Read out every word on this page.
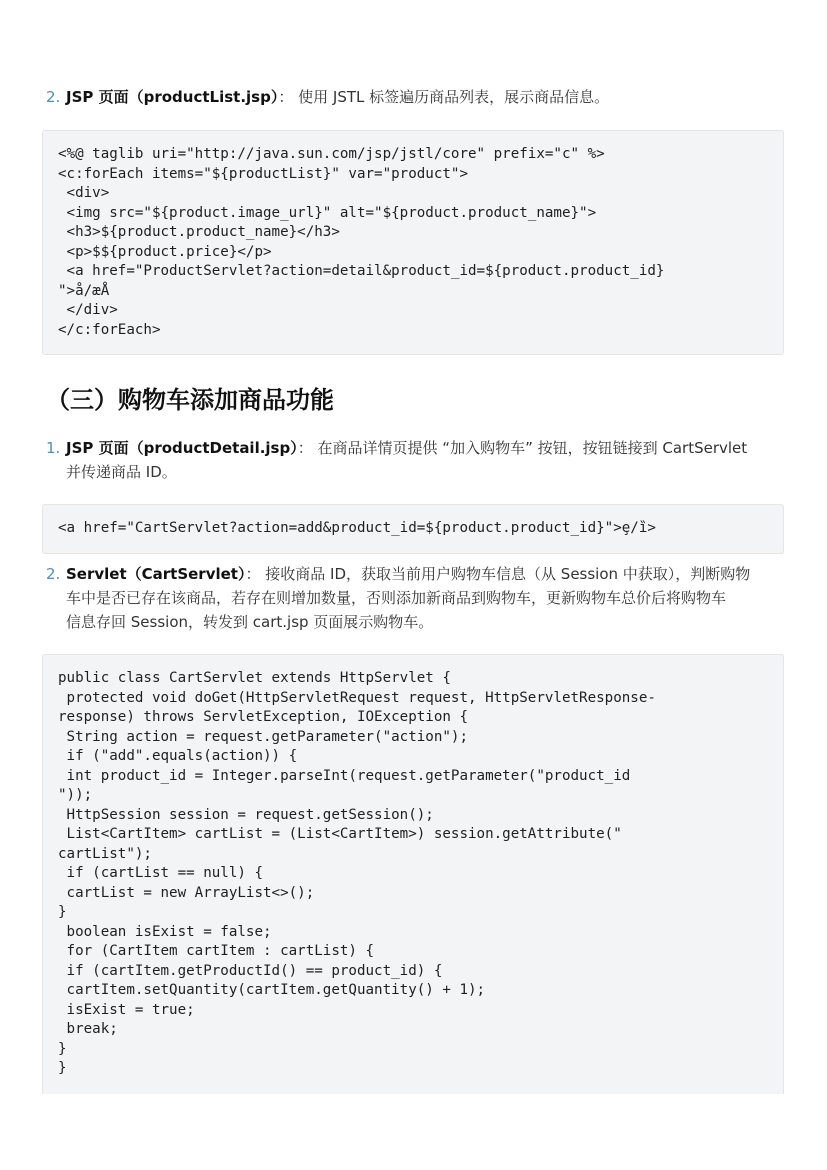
2. JSP 页面（productList.jsp）： 使用 JSTL 标签遍历商品列表，展示商品信息。
<%@ taglib uri="http://java.sun.com/jsp/jstl/core" prefix="c" %>
<c:forEach items="${productList}" var="product">
<div>
<img src="${product.image_url}" alt="${product.product_name}">
<h3>${product.product_name}</h3>
<p>$${product.price}</p>
<a href="ProductServlet?action=detail&product_id=${product.product_id}
">å/æÅ
</div>
</c:forEach>
（三）购物车添加商品功能
1. JSP 页面（productDetail.jsp）： 在商品详情页提供 “加入购物车” 按钮，按钮链接到 CartServlet
并传递商品 ID。
<a href="CartServlet?action=add&product_id=${product.product_id}">ȩ/ȉ>
2. Servlet（CartServlet）： 接收商品 ID，获取当前用户购物车信息（从 Session 中获取），判断购物
车中是否已存在该商品，若存在则增加数量，否则添加新商品到购物车，更新购物车总价后将购物车
信息存回 Session，转发到 cart.jsp 页面展示购物车。
public class CartServlet extends HttpServlet {
protected void doGet(HttpServletRequest request, HttpServletResponse-
response) throws ServletException, IOException {
String action = request.getParameter("action");
if ("add".equals(action)) {
int product_id = Integer.parseInt(request.getParameter("product_id
"));
HttpSession session = request.getSession();
List<CartItem> cartList = (List<CartItem>) session.getAttribute("
cartList");
if (cartList == null) {
cartList = new ArrayList<>();
}
boolean isExist = false;
for (CartItem cartItem : cartList) {
if (cartItem.getProductId() == product_id) {
cartItem.setQuantity(cartItem.getQuantity() + 1);
isExist = true;
break;
}
}
